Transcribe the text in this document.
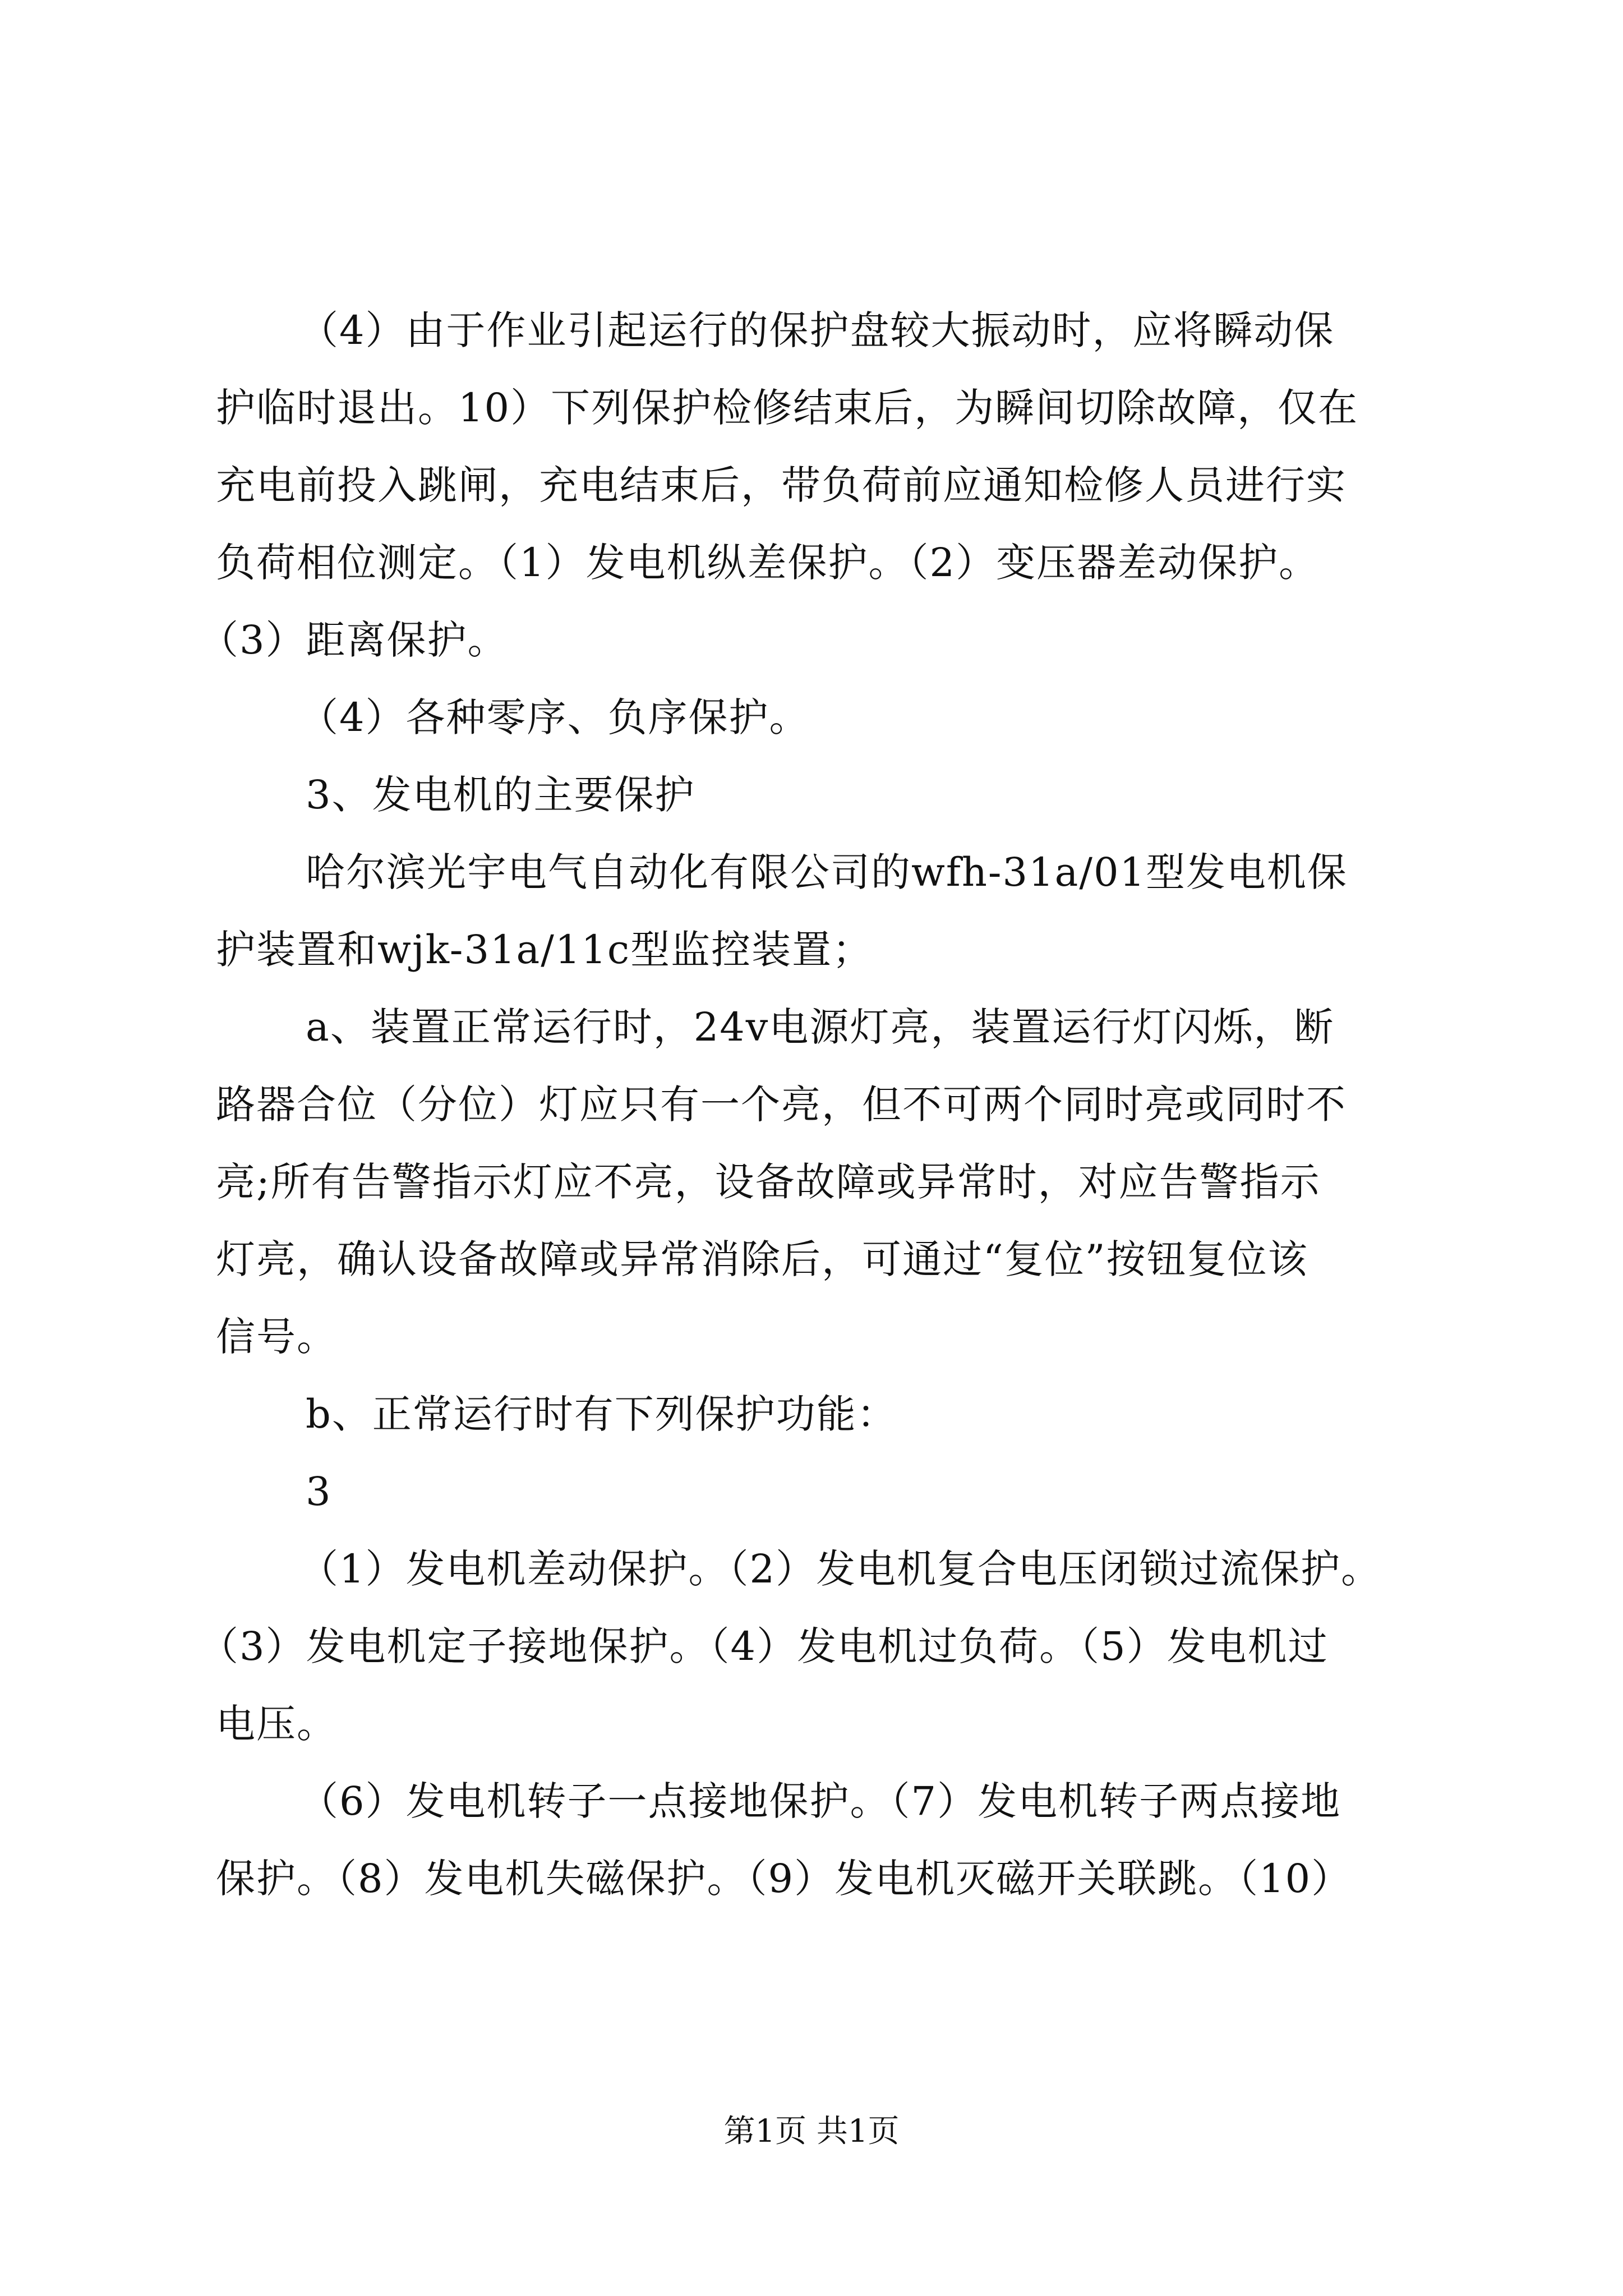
（4）由于作业引起运行的保护盘较大振动时，应将瞬动保
护临时退出。10）下列保护检修结束后，为瞬间切除故障，仅在
充电前投入跳闸，充电结束后，带负荷前应通知检修人员进行实
负荷相位测定。（1）发电机纵差保护。（2）变压器差动保护。
（3）距离保护。
（4）各种零序、负序保护。
3、发电机的主要保护
哈尔滨光宇电气自动化有限公司的wfh-31a/01型发电机保
护装置和wjk-31a/11c型监控装置；
a、装置正常运行时，24v电源灯亮，装置运行灯闪烁，断
路器合位（分位）灯应只有一个亮，但不可两个同时亮或同时不
亮;所有告警指示灯应不亮，设备故障或异常时，对应告警指示
灯亮，确认设备故障或异常消除后，可通过“复位”按钮复位该
信号。
b、正常运行时有下列保护功能：
3
（1）发电机差动保护。（2）发电机复合电压闭锁过流保护。
（3）发电机定子接地保护。（4）发电机过负荷。（5）发电机过
电压。
（6）发电机转子一点接地保护。（7）发电机转子两点接地
保护。（8）发电机失磁保护。（9）发电机灭磁开关联跳。（10）
第1页 共1页
